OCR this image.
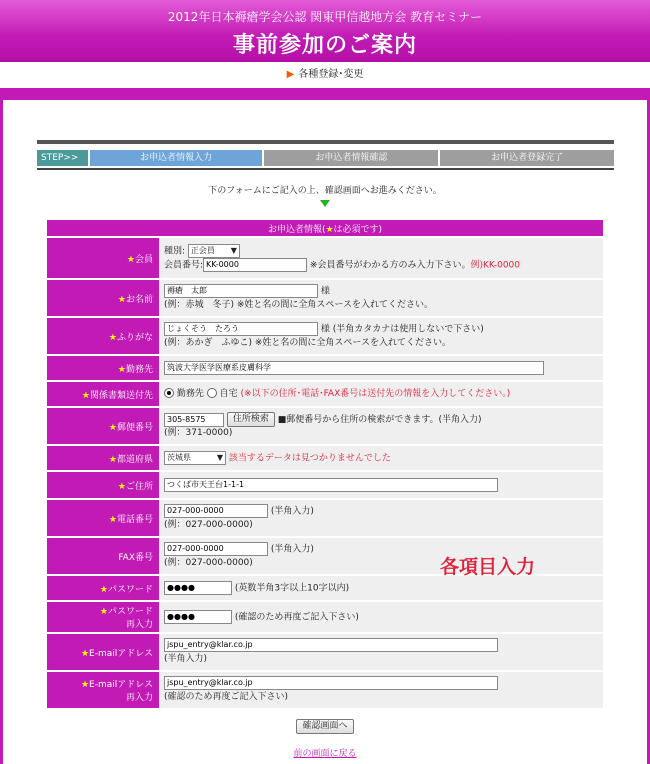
2012年日本褥瘡学会公認 関東甲信越地方会 教育セミナー
事前参加のご案内
▶ 各種登録･変更
STEP>>	お申込者情報入力	お申込者情報確認	お申込者登録完了
下のフォームにご記入の上、確認画面へお進みください。
お申込者情報(★は必須です)	
★会員	種別: 正会員 ▼

会員番号: KK-0000 ※会員番号がわかる方のみ入力下さい。例)KK-0000
★お名前	褥瘡　太郎 様
(例：赤城　冬子) ※姓と名の間に全角スペースを入れてください。
★ふりがな	じょくそう　たろう 様 (半角カタカナは使用しないで下さい)
(例：あかぎ　ふゆこ) ※姓と名の間に全角スペースを入れてください。
★勤務先	筑波大学医学医療系皮膚科学
★関係書類送付先	勤務先 自宅 (※以下の住所･電話･FAX番号は送付先の情報を入力してください。)
★郵便番号	305-8575 住所検索 ■郵便番号から住所の検索ができます。(半角入力)
(例：371-0000)
★都道府県	茨城県 ▼ 該当するデータは見つかりませんでした
★ご住所	つくば市天王台1-1-1
★電話番号	027-000-0000 (半角入力)
(例：027-000-0000)
FAX番号	027-000-0000 (半角入力)
(例：027-000-0000)
★パスワード	●●●● (英数半角3字以上10字以内)
★パスワード
再入力	●●●● (確認のため再度ご記入下さい)
★E-mailアドレス	jspu_entry@klar.co.jp
(半角入力)
★E-mailアドレス
再入力	jspu_entry@klar.co.jp
(確認のため再度ご記入下さい)
各項目入力
確認画面へ
前の画面に戻る
